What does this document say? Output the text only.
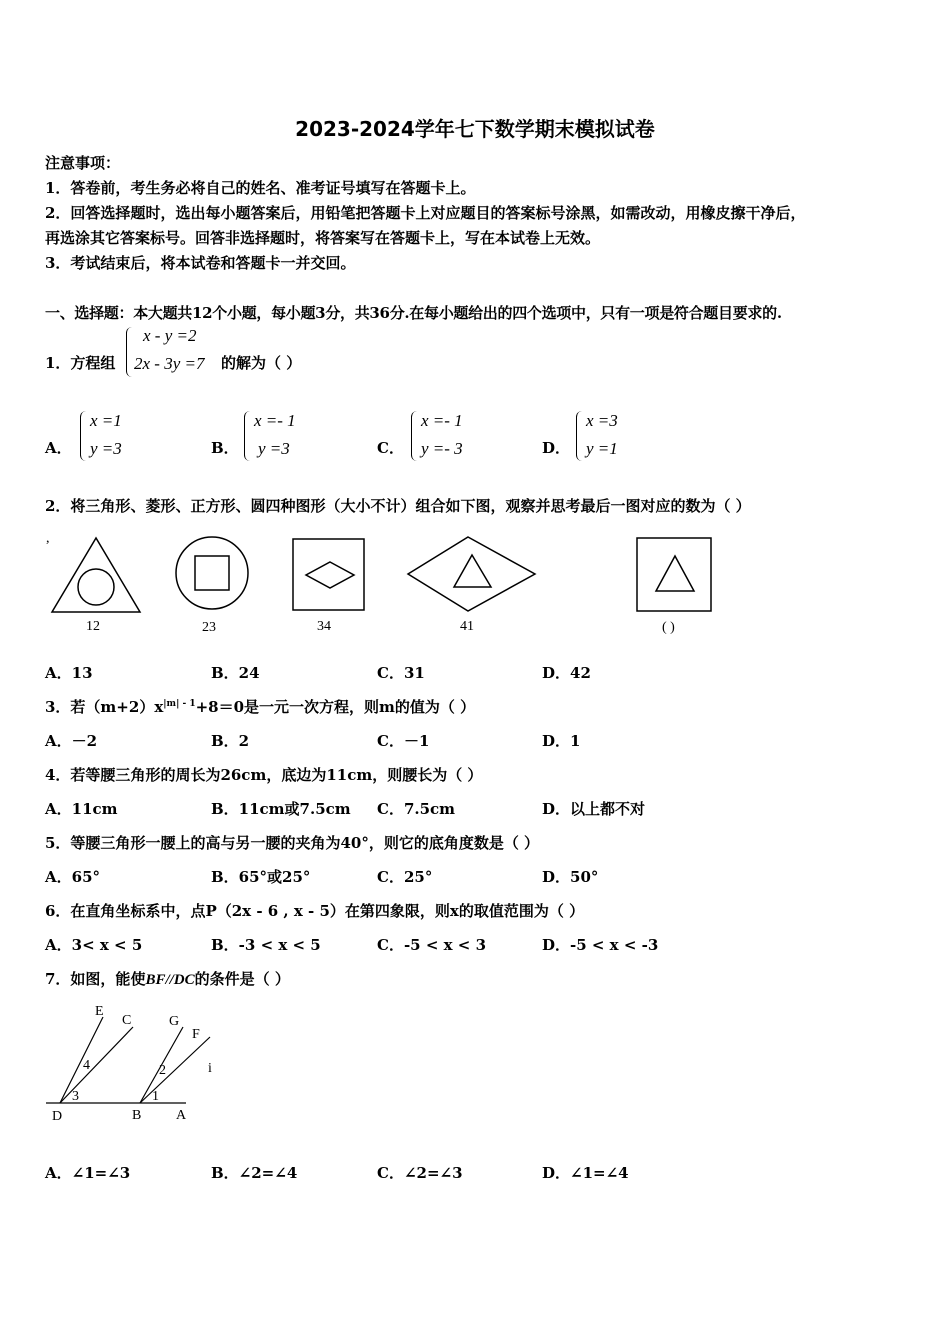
2023-2024学年七下数学期末模拟试卷
注意事项：
1．答卷前，考生务必将自己的姓名、准考证号填写在答题卡上。
2．回答选择题时，选出每小题答案后，用铅笔把答题卡上对应题目的答案标号涂黑，如需改动，用橡皮擦干净后，
再选涂其它答案标号。回答非选择题时，将答案写在答题卡上，写在本试卷上无效。
3．考试结束后，将本试卷和答题卡一并交回。
一、选择题：本大题共12个小题，每小题3分，共36分.在每小题给出的四个选项中，只有一项是符合题目要求的.
1．方程组
x - y =2
2x - 3y =7 的解为（ ）
A．
x =1
y =3	B．
x =- 1
y =3	C．
x =- 1
y =- 3	D．
x =3
y =1
2．将三角形、菱形、正方形、圆四种图形（大小不计）组合如下图，观察并思考最后一图对应的数为（ ）
,
12	23	34	41	( )
A．13	B．24	C．31	D．42
3．若$(m+2)x^{|m| - 1}+8=0$是一元一次方程，则m的值为（ ）
A．－2	B．2	C．－1	D．1
4．若等腰三角形的周长为26cm，底边为11cm，则腰长为（ ）
A．11cm	B．11cm或7.5cm C．7.5cm	D．以上都不对
5．等腰三角形一腰上的高与另一腰的夹角为40°，则它的底角度数是（ ）
A．65°	B．65°或25°	C．25°	D．50°
6．在直角坐标系中，点P（2x - 6 , x - 5）在第四象限，则x的取值范围为（ ）
A．3< x < 5	B．-3 < x < 5	C．-5 < x < 3	D．-5 < x < -3
7．如图，能使BF//DC的条件是（ ）
E
C	G
F
4	2
3	1
D	B A
i
A．∠1=∠3	B．∠2=∠4	C．∠2=∠3	D．∠1=∠4
